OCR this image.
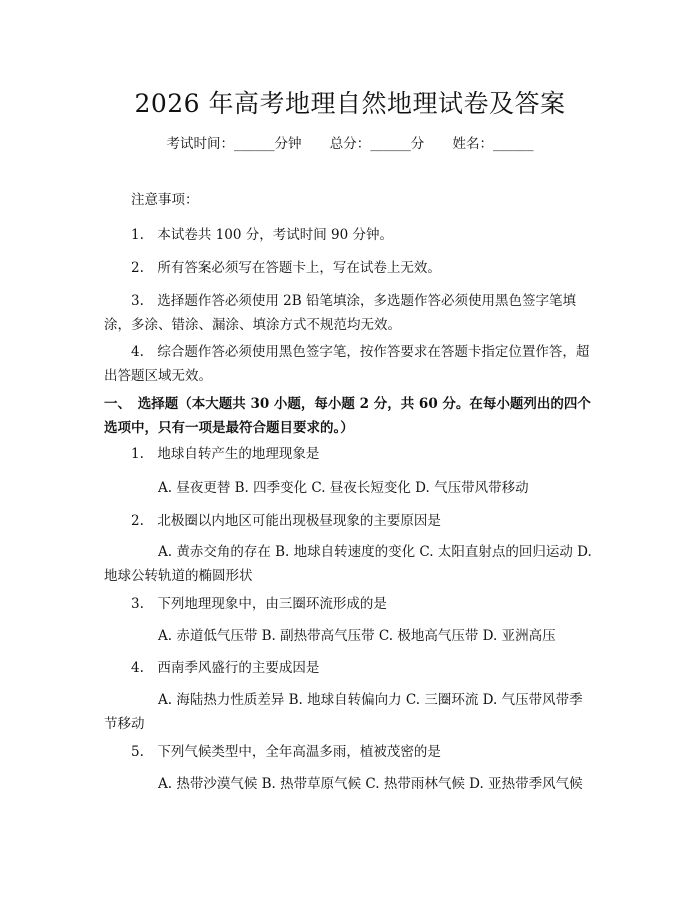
2026 年高考地理自然地理试卷及答案
考试时间：______分钟 总分：______分 姓名：______
注意事项：
1.　本试卷共 100 分，考试时间 90 分钟。
2.　所有答案必须写在答题卡上，写在试卷上无效。
3.　选择题作答必须使用 2B 铅笔填涂，多选题作答必须使用黑色签字笔填涂，多涂、错涂、漏涂、填涂方式不规范均无效。
4.　综合题作答必须使用黑色签字笔，按作答要求在答题卡指定位置作答，超出答题区域无效。
一、　选择题（本大题共 30 小题，每小题 2 分，共 60 分。在每小题列出的四个选项中，只有一项是最符合题目要求的。）
1.　地球自转产生的地理现象是
A. 昼夜更替 B. 四季变化 C. 昼夜长短变化 D. 气压带风带移动
2.　北极圈以内地区可能出现极昼现象的主要原因是
A. 黄赤交角的存在 B. 地球自转速度的变化 C. 太阳直射点的回归运动 D. 地球公转轨道的椭圆形状
3.　下列地理现象中，由三圈环流形成的是
A. 赤道低气压带 B. 副热带高气压带 C. 极地高气压带 D. 亚洲高压
4.　西南季风盛行的主要成因是
A. 海陆热力性质差异 B. 地球自转偏向力 C. 三圈环流 D. 气压带风带季节移动
5.　下列气候类型中，全年高温多雨，植被茂密的是
A. 热带沙漠气候 B. 热带草原气候 C. 热带雨林气候 D. 亚热带季风气候
